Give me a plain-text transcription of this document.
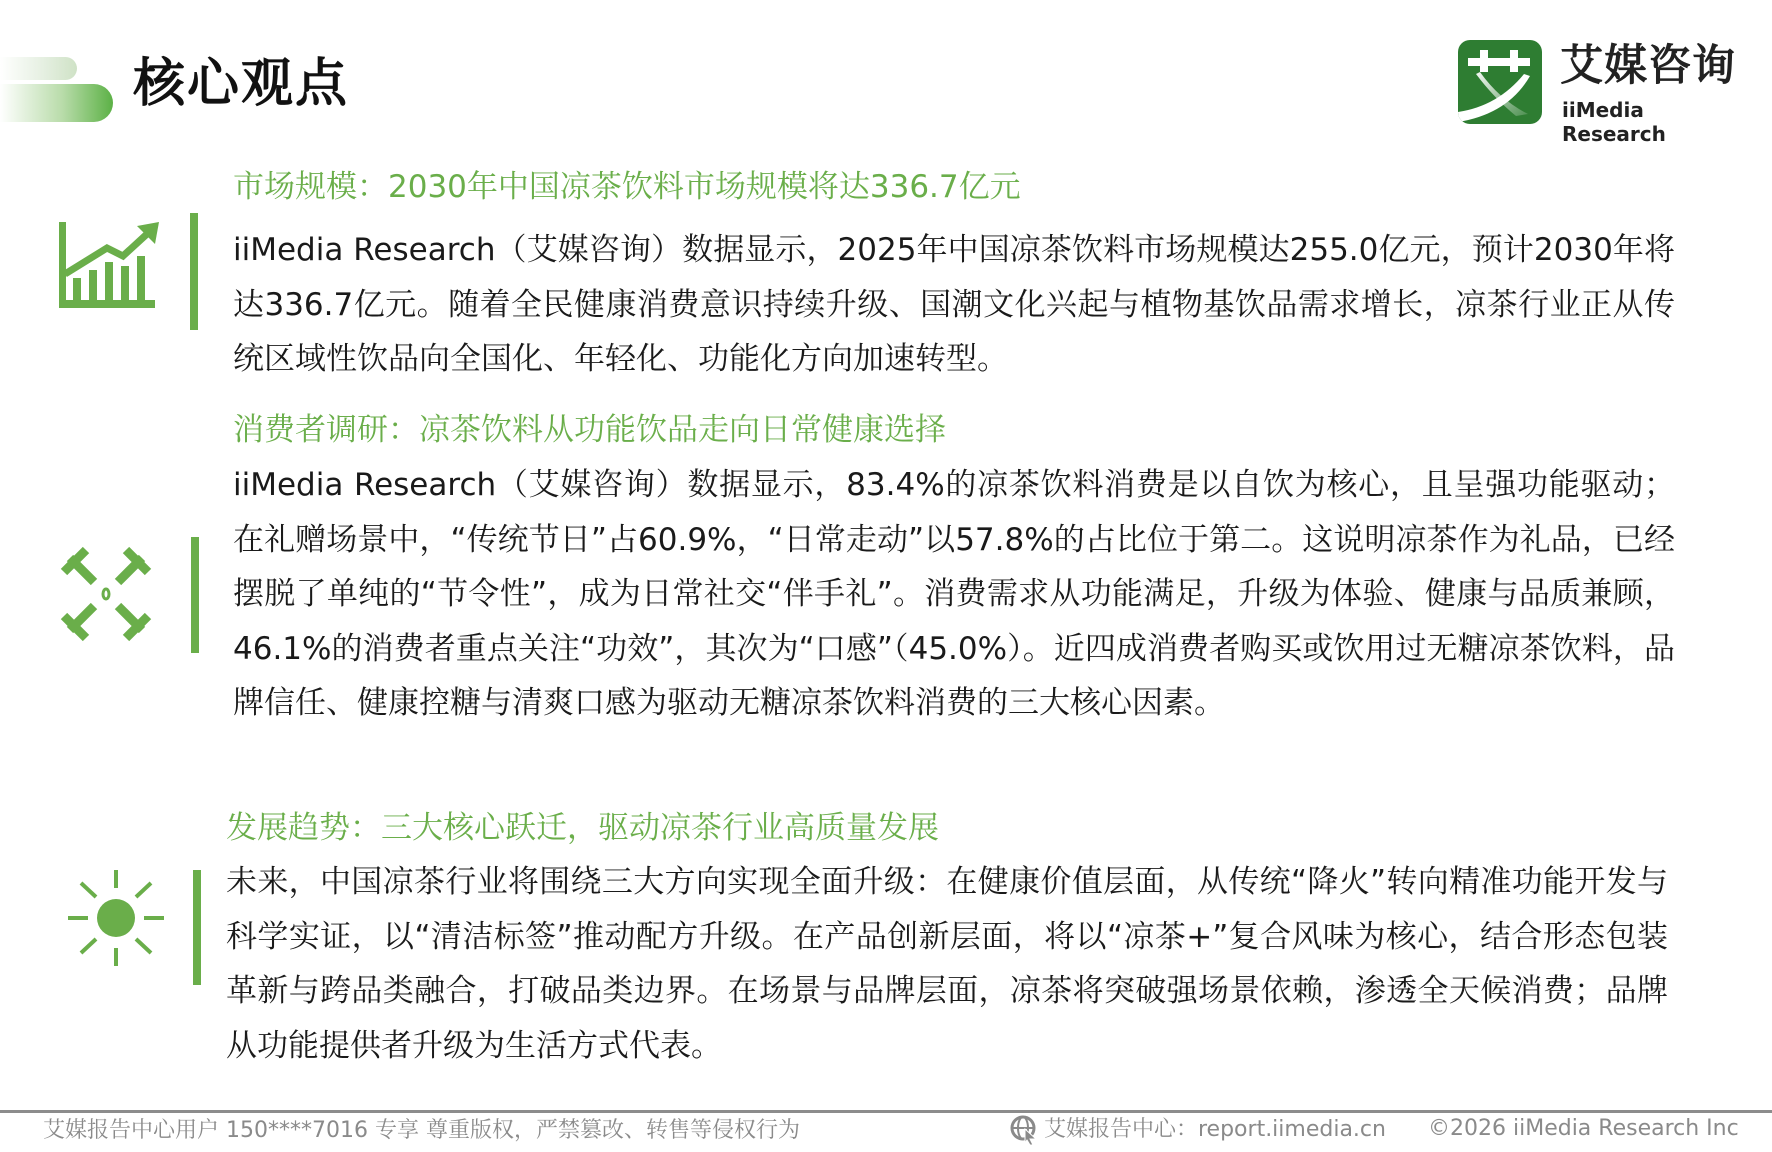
核心观点	艾媒咨询
iiMedia Research
市场规模：2030年中国凉茶饮料市场规模将达336.7亿元
iiMedia Research（艾媒咨询）数据显示，2025年中国凉茶饮料市场规模达255.0亿元，预计2030年将达336.7亿元。随着全民健康消费意识持续升级、国潮文化兴起与植物基饮品需求增长，凉茶行业正从传统区域性饮品向全国化、年轻化、功能化方向加速转型。
消费者调研：凉茶饮料从功能饮品走向日常健康选择
iiMedia Research（艾媒咨询）数据显示，83.4%的凉茶饮料消费是以自饮为核心，且呈强功能驱动；在礼赠场景中，“传统节日”占60.9%，“日常走动”以57.8%的占比位于第二。这说明凉茶作为礼品，已经摆脱了单纯的“节令性”，成为日常社交“伴手礼”。消费需求从功能满足，升级为体验、健康与品质兼顾，46.1%的消费者重点关注“功效”，其次为“口感”（45.0%）。近四成消费者购买或饮用过无糖凉茶饮料，品牌信任、健康控糖与清爽口感为驱动无糖凉茶饮料消费的三大核心因素。
发展趋势：三大核心跃迁，驱动凉茶行业高质量发展
未来，中国凉茶行业将围绕三大方向实现全面升级：在健康价值层面，从传统“降火”转向精准功能开发与科学实证，以“清洁标签”推动配方升级。在产品创新层面，将以“凉茶+”复合风味为核心，结合形态包装革新与跨品类融合，打破品类边界。在场景与品牌层面，凉茶将突破强场景依赖，渗透全天候消费；品牌从功能提供者升级为生活方式代表。
艾媒报告中心用户 150****7016 专享 尊重版权，严禁篡改、转售等侵权行为	艾媒报告中心：report.iimedia.cn ©2026 iiMedia Research Inc
